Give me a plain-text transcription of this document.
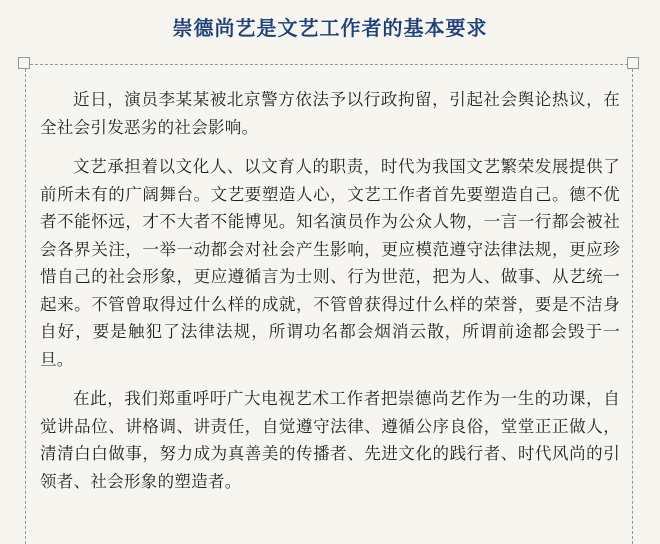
崇德尚艺是文艺工作者的基本要求

近日，演员李某某被北京警方依法予以行政拘留，引起社会舆论热议，在全社会引发恶劣的社会影响。

文艺承担着以文化人、以文育人的职责，时代为我国文艺繁荣发展提供了前所未有的广阔舞台。文艺要塑造人心，文艺工作者首先要塑造自己。德不优者不能怀远，才不大者不能博见。知名演员作为公众人物，一言一行都会被社会各界关注，一举一动都会对社会产生影响，更应模范遵守法律法规，更应珍惜自己的社会形象，更应遵循言为士则、行为世范，把为人、做事、从艺统一起来。不管曾取得过什么样的成就，不管曾获得过什么样的荣誉，要是不洁身自好，要是触犯了法律法规，所谓功名都会烟消云散，所谓前途都会毁于一旦。

在此，我们郑重呼吁广大电视艺术工作者把崇德尚艺作为一生的功课，自觉讲品位、讲格调、讲责任，自觉遵守法律、遵循公序良俗，堂堂正正做人，清清白白做事，努力成为真善美的传播者、先进文化的践行者、时代风尚的引领者、社会形象的塑造者。
